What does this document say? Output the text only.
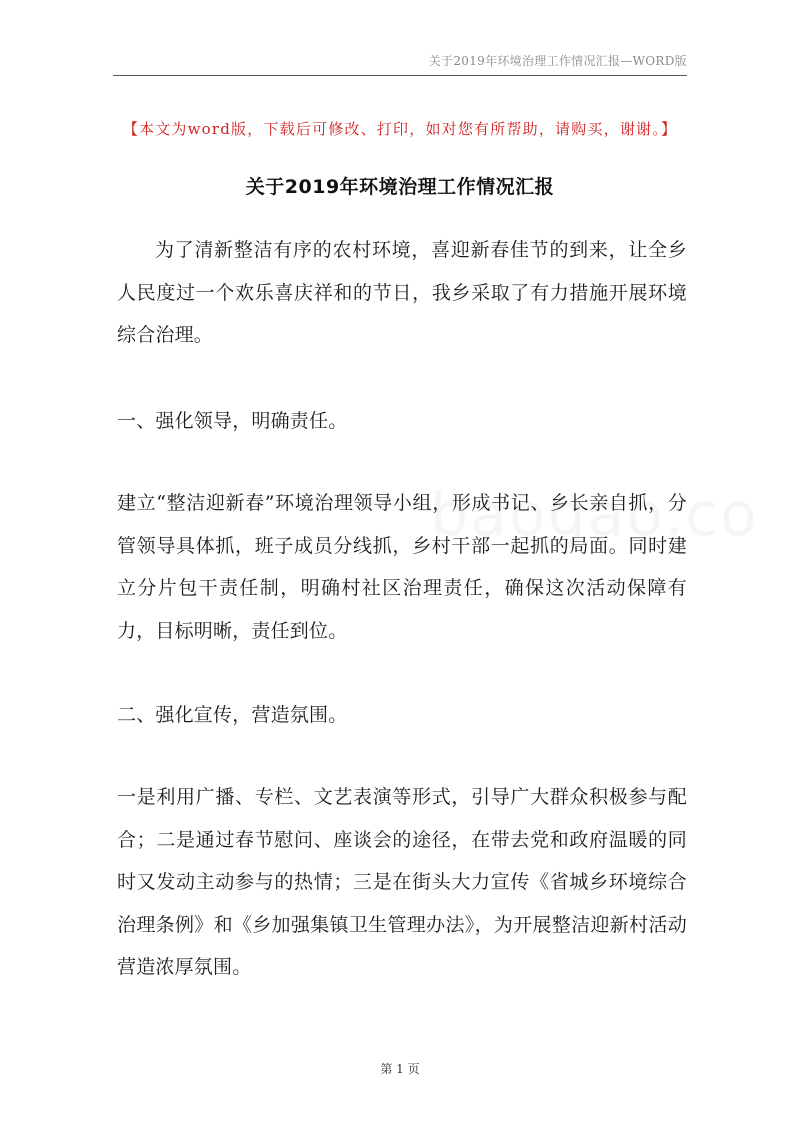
关于2019年环境治理工作情况汇报—WORD版
【本文为word版，下载后可修改、打印，如对您有所帮助，请购买，谢谢。】
关于2019年环境治理工作情况汇报
为了清新整洁有序的农村环境，喜迎新春佳节的到来，让全乡人民度过一个欢乐喜庆祥和的节日，我乡采取了有力措施开展环境综合治理。
一、强化领导，明确责任。
建立“整洁迎新春”环境治理领导小组，形成书记、乡长亲自抓，分管领导具体抓，班子成员分线抓，乡村干部一起抓的局面。同时建立分片包干责任制，明确村社区治理责任，确保这次活动保障有力，目标明晰，责任到位。
二、强化宣传，营造氛围。
一是利用广播、专栏、文艺表演等形式，引导广大群众积极参与配合；二是通过春节慰问、座谈会的途径，在带去党和政府温暖的同时又发动主动参与的热情；三是在街头大力宣传《省城乡环境综合治理条例》和《乡加强集镇卫生管理办法》，为开展整洁迎新村活动营造浓厚氛围。
第 1 页
